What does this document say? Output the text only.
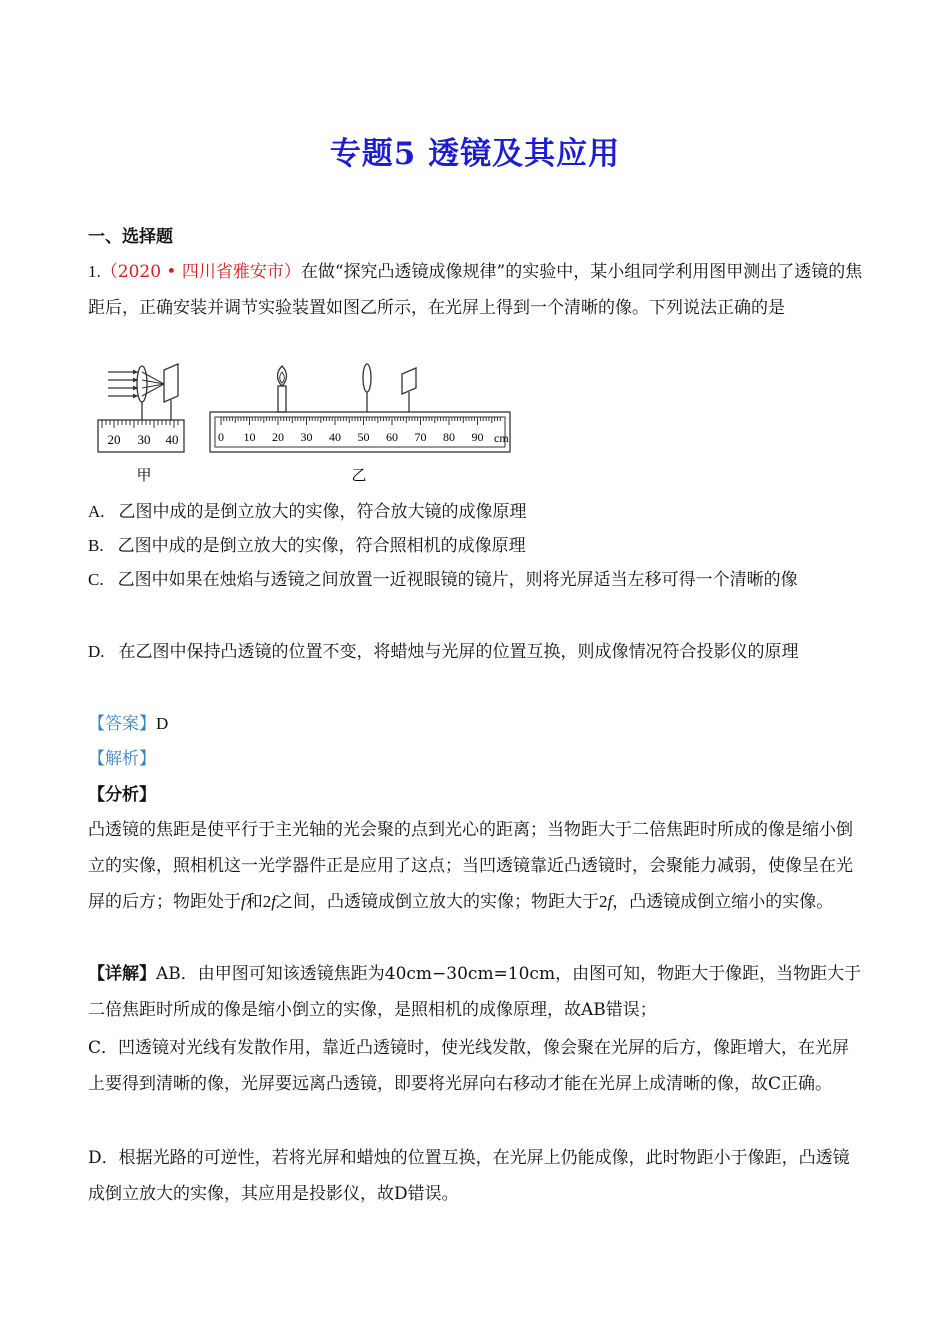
专题5 透镜及其应用
一、选择题
1.（2020 • 四川省雅安市）在做“探究凸透镜成像规律”的实验中，某小组同学利用图甲测出了透镜的焦距后，正确安装并调节实验装置如图乙所示，在光屏上得到一个清晰的像。下列说法正确的是
20 30 40
甲
0 10 20 30 40 50 60 70 80 90 cm
乙
A. 乙图中成的是倒立放大的实像，符合放大镜的成像原理
B. 乙图中成的是倒立放大的实像，符合照相机的成像原理
C. 乙图中如果在烛焰与透镜之间放置一近视眼镜的镜片，则将光屏适当左移可得一个清晰的像
D. 在乙图中保持凸透镜的位置不变，将蜡烛与光屏的位置互换，则成像情况符合投影仪的原理
【答案】D
【解析】
【分析】
凸透镜的焦距是使平行于主光轴的光会聚的点到光心的距离；当物距大于二倍焦距时所成的像是缩小倒立的实像，照相机这一光学器件正是应用了这点；当凹透镜靠近凸透镜时，会聚能力减弱，使像呈在光屏的后方；物距处于f和2f之间，凸透镜成倒立放大的实像；物距大于2f，凸透镜成倒立缩小的实像。
【详解】AB．由甲图可知该透镜焦距为40cm−30cm=10cm，由图可知，物距大于像距，当物距大于二倍焦距时所成的像是缩小倒立的实像，是照相机的成像原理，故AB错误；
C．凹透镜对光线有发散作用，靠近凸透镜时，使光线发散，像会聚在光屏的后方，像距增大，在光屏上要得到清晰的像，光屏要远离凸透镜，即要将光屏向右移动才能在光屏上成清晰的像，故C正确。
D．根据光路的可逆性，若将光屏和蜡烛的位置互换，在光屏上仍能成像，此时物距小于像距，凸透镜成倒立放大的实像，其应用是投影仪，故D错误。
